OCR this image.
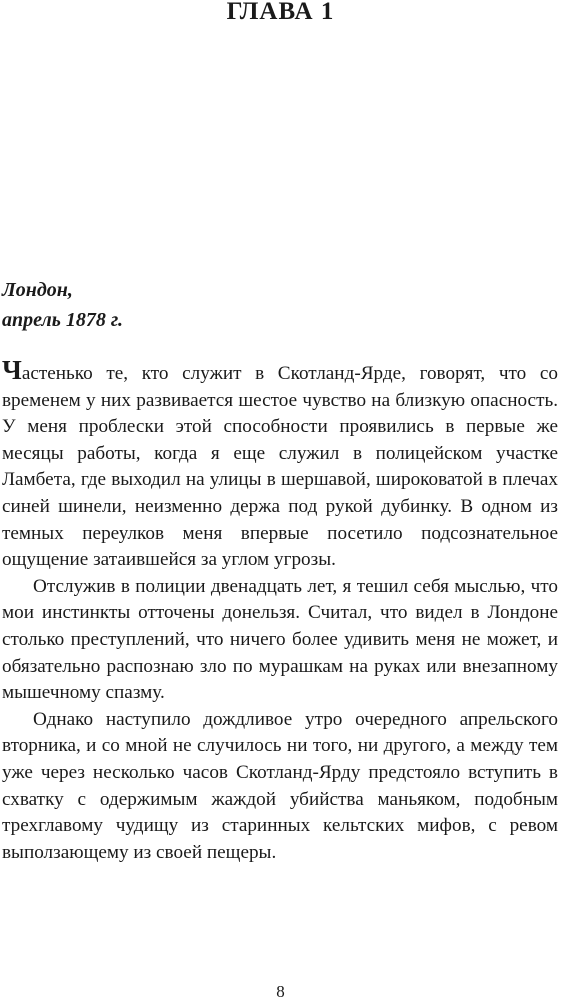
ГЛАВА 1
Лондон,
апрель 1878 г.

Частенько те, кто служит в Скотланд-Ярде, говорят, что со временем у них развивается шестое чувство на близкую опасность. У меня проблески этой способности проявились в первые же месяцы работы, когда я еще служил в полицейском участке Ламбета, где выходил на улицы в шершавой, широковатой в плечах синей шинели, неизменно держа под рукой дубинку. В одном из темных переулков меня впервые посетило подсознательное ощущение затаившейся за углом угрозы.

Отслужив в полиции двенадцать лет, я тешил себя мыслью, что мои инстинкты отточены донельзя. Считал, что видел в Лондоне столько преступлений, что ничего более удивить меня не может, и обязательно распознаю зло по мурашкам на руках или внезапному мышечному спазму.

Однако наступило дождливое утро очередного апрельского вторника, и со мной не случилось ни того, ни другого, а между тем уже через несколько часов Скотланд-Ярду предстояло вступить в схватку с одержимым жаждой убийства маньяком, подобным трехглавому чудищу из старинных кельтских мифов, с ревом выползающему из своей пещеры.

8
